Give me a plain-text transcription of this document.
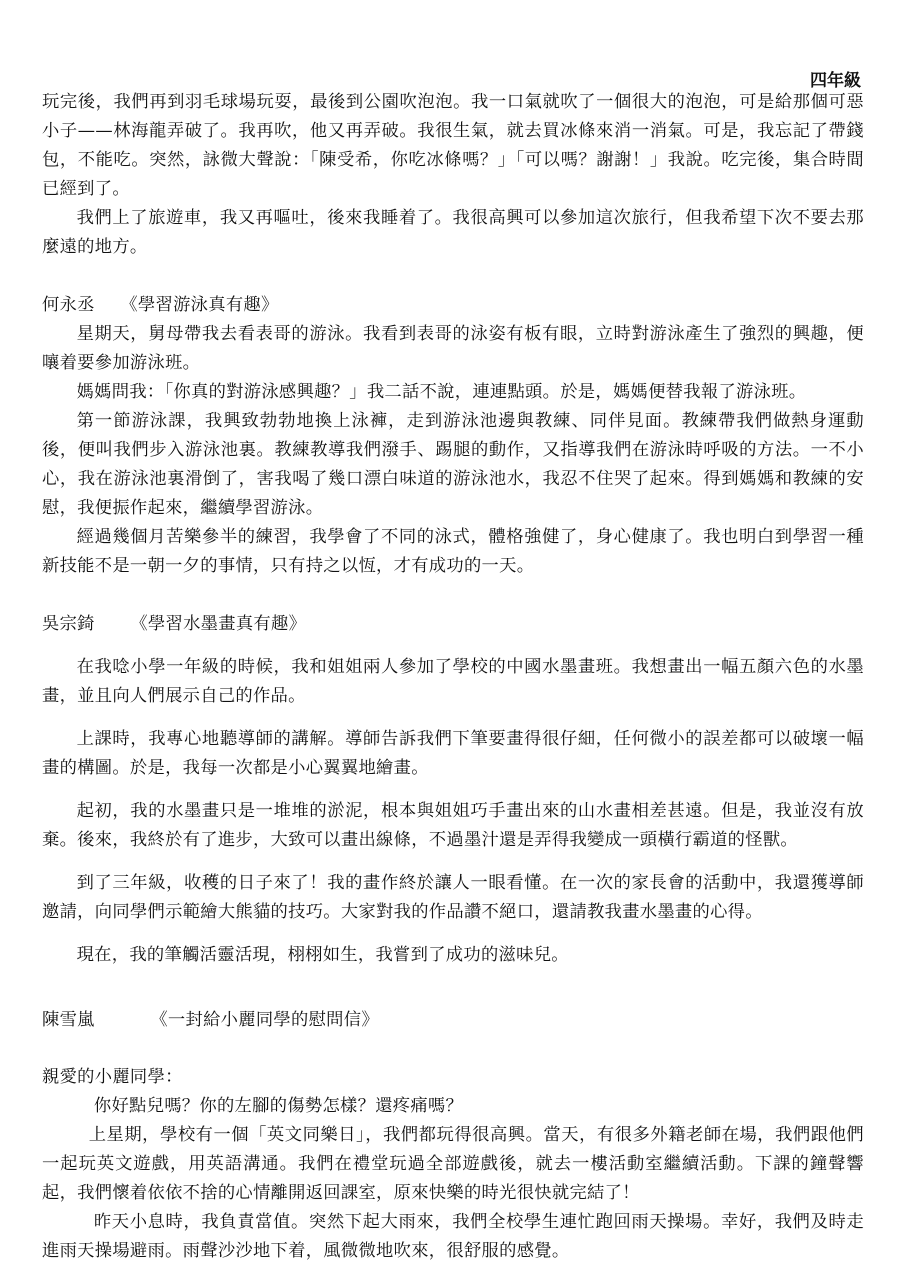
四年級

玩完後，我們再到羽毛球場玩耍，最後到公園吹泡泡。我一口氣就吹了一個很大的泡泡，可是給那個可惡小子——林海龍弄破了。我再吹，他又再弄破。我很生氣，就去買冰條來消一消氣。可是，我忘記了帶錢包，不能吃。突然，詠微大聲說：「陳受希，你吃冰條嗎？」「可以嗎？謝謝！」我說。吃完後，集合時間已經到了。

我們上了旅遊車，我又再嘔吐，後來我睡着了。我很高興可以參加這次旅行，但我希望下次不要去那麼遠的地方。

何永丞 《學習游泳真有趣》

星期天，舅母帶我去看表哥的游泳。我看到表哥的泳姿有板有眼，立時對游泳產生了強烈的興趣，便嚷着要參加游泳班。

媽媽問我：「你真的對游泳感興趣？」我二話不說，連連點頭。於是，媽媽便替我報了游泳班。

第一節游泳課，我興致勃勃地換上泳褲，走到游泳池邊與教練、同伴見面。教練帶我們做熱身運動後，便叫我們步入游泳池裏。教練教導我們潑手、踢腿的動作，又指導我們在游泳時呼吸的方法。一不小心，我在游泳池裏滑倒了，害我喝了幾口漂白味道的游泳池水，我忍不住哭了起來。得到媽媽和教練的安慰，我便振作起來，繼續學習游泳。

經過幾個月苦樂參半的練習，我學會了不同的泳式，體格強健了，身心健康了。我也明白到學習一種新技能不是一朝一夕的事情，只有持之以恆，才有成功的一天。

吳宗錡 《學習水墨畫真有趣》

在我唸小學一年級的時候，我和姐姐兩人參加了學校的中國水墨畫班。我想畫出一幅五顏六色的水墨畫，並且向人們展示自己的作品。

上課時，我專心地聽導師的講解。導師告訴我們下筆要畫得很仔細，任何微小的誤差都可以破壞一幅畫的構圖。於是，我每一次都是小心翼翼地繪畫。

起初，我的水墨畫只是一堆堆的淤泥，根本與姐姐巧手畫出來的山水畫相差甚遠。但是，我並沒有放棄。後來，我終於有了進步，大致可以畫出線條，不過墨汁還是弄得我變成一頭橫行霸道的怪獸。

到了三年級，收穫的日子來了！我的畫作終於讓人一眼看懂。在一次的家長會的活動中，我還獲導師邀請，向同學們示範繪大熊貓的技巧。大家對我的作品讚不絕口，還請教我畫水墨畫的心得。

現在，我的筆觸活靈活現，栩栩如生，我嘗到了成功的滋味兒。

陳雪嵐	《一封給小麗同學的慰問信》

親愛的小麗同學：

你好點兒嗎？你的左腳的傷勢怎樣？還疼痛嗎？

上星期，學校有一個「英文同樂日」，我們都玩得很高興。當天，有很多外籍老師在場，我們跟他們一起玩英文遊戲，用英語溝通。我們在禮堂玩過全部遊戲後，就去一樓活動室繼續活動。下課的鐘聲響起，我們懷着依依不捨的心情離開返回課室，原來快樂的時光很快就完結了！

昨天小息時，我負責當值。突然下起大雨來，我們全校學生連忙跑回雨天操場。幸好，我們及時走進雨天操場避雨。雨聲沙沙地下着，風微微地吹來，很舒服的感覺。
